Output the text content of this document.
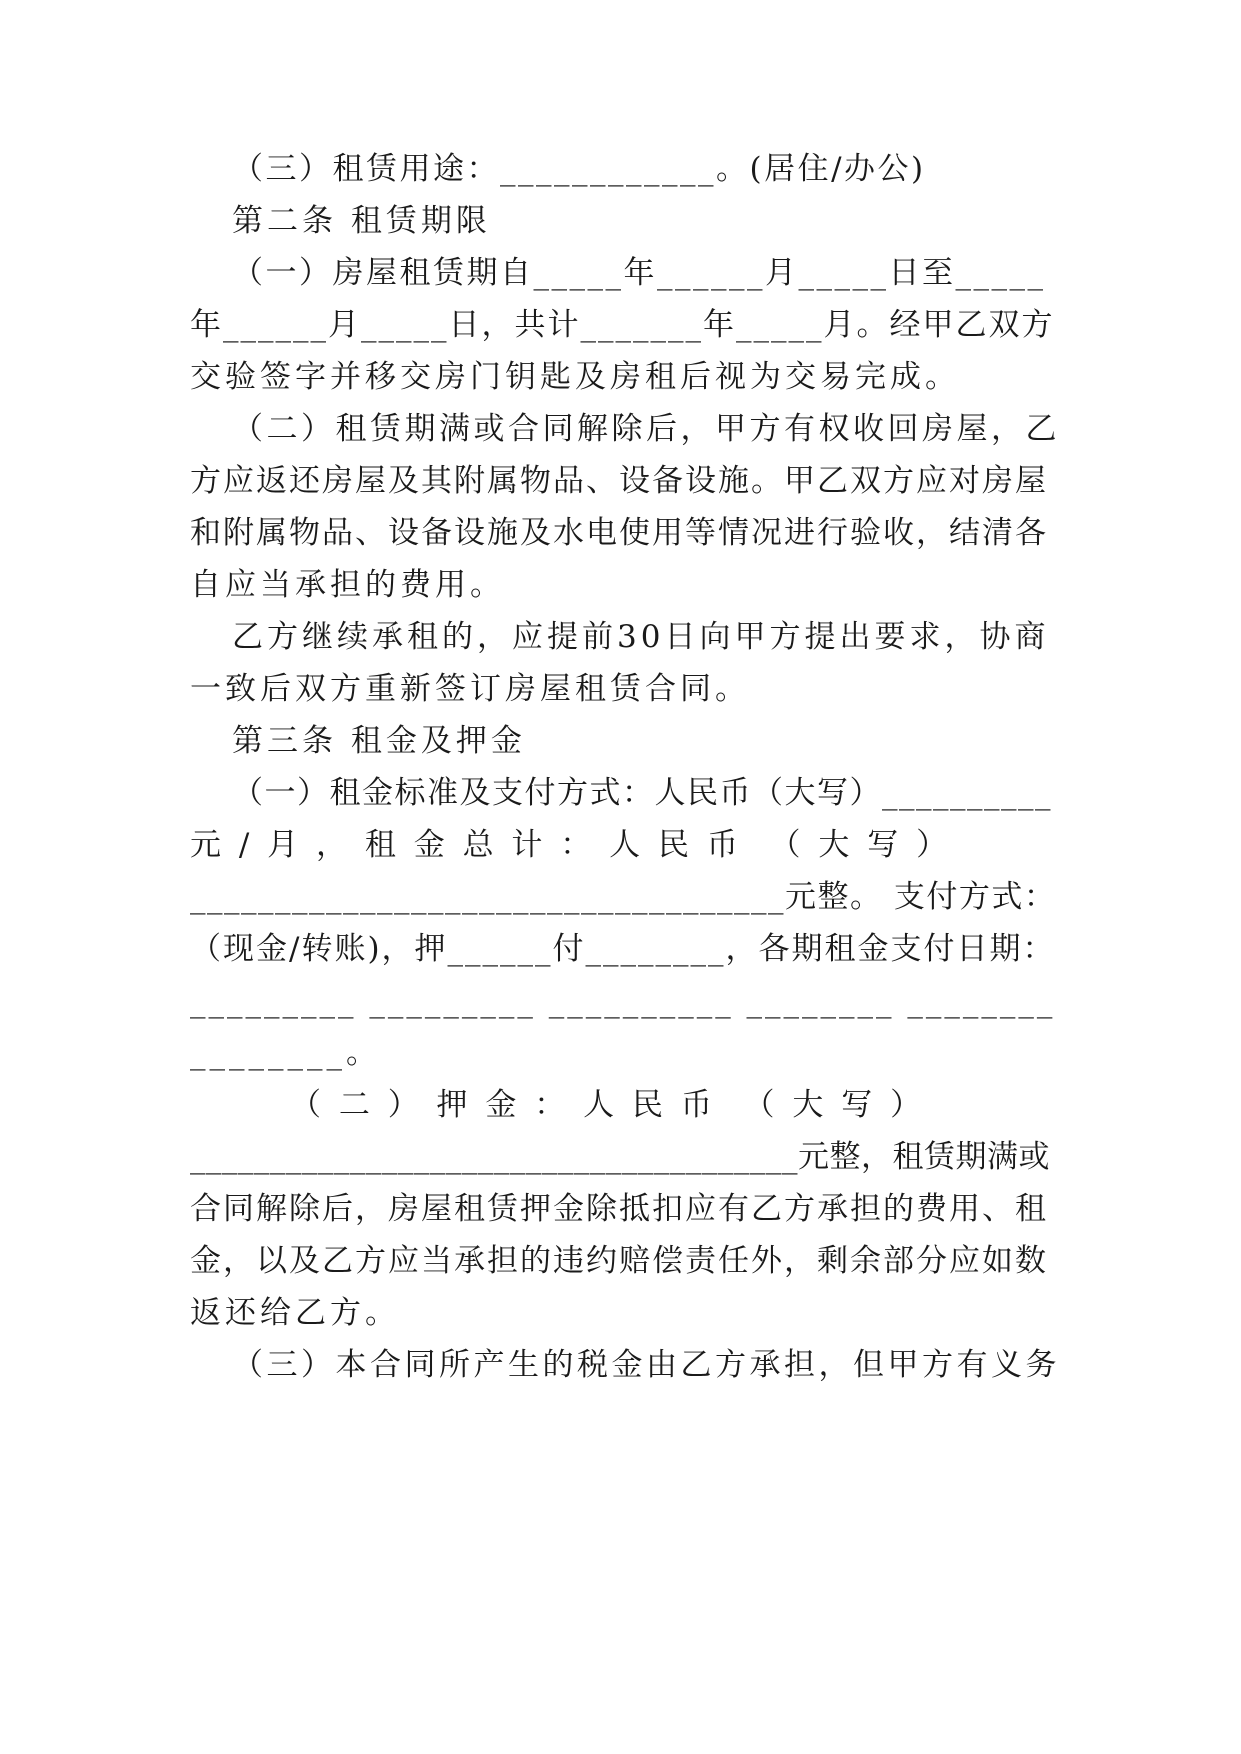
（三）租赁用途：____________。(居住/办公)
第二条 租赁期限
（一）房屋租赁期自_____年______月_____日至_____
年______月_____日，共计_______年_____月。经甲乙双方
交验签字并移交房门钥匙及房租后视为交易完成。
（二）租赁期满或合同解除后，甲方有权收回房屋，乙
方应返还房屋及其附属物品、设备设施。甲乙双方应对房屋
和附属物品、设备设施及水电使用等情况进行验收，结清各
自应当承担的费用。
乙方继续承租的，应提前30日向甲方提出要求，协商
一致后双方重新签订房屋租赁合同。
第三条 租金及押金
（一）租金标准及支付方式：人民币（大写）__________
元 / 月 ， 租 金 总 计 ： 人 民 币  （ 大 写 ）
___________________________________元整。 支付方式：
（现金/转账)，押______付________，各期租金支付日期：
_________ _________ __________ ________ ________
________。
（ 二 ） 押 金 ： 人 民 币  （ 大 写 ）
______________________________________元整，租赁期满或
合同解除后，房屋租赁押金除抵扣应有乙方承担的费用、租
金，以及乙方应当承担的违约赔偿责任外，剩余部分应如数
返还给乙方。
（三）本合同所产生的税金由乙方承担，但甲方有义务
